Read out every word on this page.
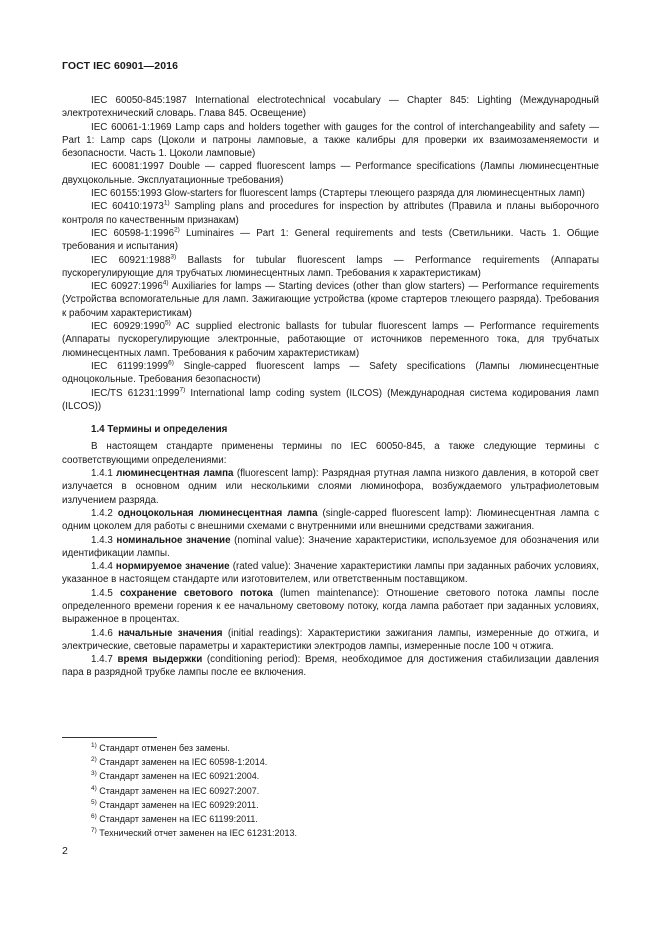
ГОСТ IEC 60901—2016

IEC 60050-845:1987 International electrotechnical vocabulary — Chapter 845: Lighting (Международный электротехнический словарь. Глава 845. Освещение)

IEC 60061-1:1969 Lamp caps and holders together with gauges for the control of interchangeability and safety — Part 1: Lamp caps (Цоколи и патроны ламповые, а также калибры для проверки их взаимозаменяемости и безопасности. Часть 1. Цоколи ламповые)

IEC 60081:1997 Double — capped fluorescent lamps — Performance specifications (Лампы люминесцентные двухцокольные. Эксплуатационные требования)

IEC 60155:1993 Glow-starters for fluorescent lamps (Стартеры тлеющего разряда для люминесцентных ламп)

IEC 60410:1973$^{1)}$ Sampling plans and procedures for inspection by attributes (Правила и планы выборочного контроля по качественным признакам)

IEC 60598-1:1996$^{2)}$ Luminaires — Part 1: General requirements and tests (Светильники. Часть 1. Общие требования и испытания)

IEC 60921:1988$^{3)}$ Ballasts for tubular fluorescent lamps — Performance requirements (Аппараты пускорегулирующие для трубчатых люминесцентных ламп. Требования к характеристикам)

IEC 60927:1996$^{4)}$ Auxiliaries for lamps — Starting devices (other than glow starters) — Performance requirements (Устройства вспомогательные для ламп. Зажигающие устройства (кроме стартеров тлеющего разряда). Требования к рабочим характеристикам)

IEC 60929:1990$^{5)}$ AC supplied electronic ballasts for tubular fluorescent lamps — Performance requirements (Аппараты пускорегулирующие электронные, работающие от источников переменного тока, для трубчатых люминесцентных ламп. Требования к рабочим характеристикам)

IEC 61199:1999$^{6)}$ Single-capped fluorescent lamps — Safety specifications (Лампы люминесцентные одноцокольные. Требования безопасности)

IEC/TS 61231:1999$^{7)}$ International lamp coding system (ILCOS) (Международная система кодирования ламп (ILCOS))

1.4 Термины и определения

В настоящем стандарте применены термины по IEC 60050-845, а также следующие термины с соответствующими определениями:

1.4.1 люминесцентная лампа (fluorescent lamp): Разрядная ртутная лампа низкого давления, в которой свет излучается в основном одним или несколькими слоями люминофора, возбуждаемого ультрафиолетовым излучением разряда.

1.4.2 одноцокольная люминесцентная лампа (single-capped fluorescent lamp): Люминесцентная лампа с одним цоколем для работы с внешними схемами с внутренними или внешними средствами зажигания.

1.4.3 номинальное значение (nominal value): Значение характеристики, используемое для обозначения или идентификации лампы.

1.4.4 нормируемое значение (rated value): Значение характеристики лампы при заданных рабочих условиях, указанное в настоящем стандарте или изготовителем, или ответственным поставщиком.

1.4.5 сохранение светового потока (lumen maintenance): Отношение светового потока лампы после определенного времени горения к ее начальному световому потоку, когда лампа работает при заданных условиях, выраженное в процентах.

1.4.6 начальные значения (initial readings): Характеристики зажигания лампы, измеренные до отжига, и электрические, световые параметры и характеристики электродов лампы, измеренные после 100 ч отжига.

1.4.7 время выдержки (conditioning period): Время, необходимое для достижения стабилизации давления пара в разрядной трубке лампы после ее включения.

$^{1)}$ Стандарт отменен без замены.

$^{2)}$ Стандарт заменен на IEC 60598-1:2014.

$^{3)}$ Стандарт заменен на IEC 60921:2004.

$^{4)}$ Стандарт заменен на IEC 60927:2007.

$^{5)}$ Стандарт заменен на IEC 60929:2011.

$^{6)}$ Стандарт заменен на IEC 61199:2011.

$^{7)}$ Технический отчет заменен на IEC 61231:2013.

2
